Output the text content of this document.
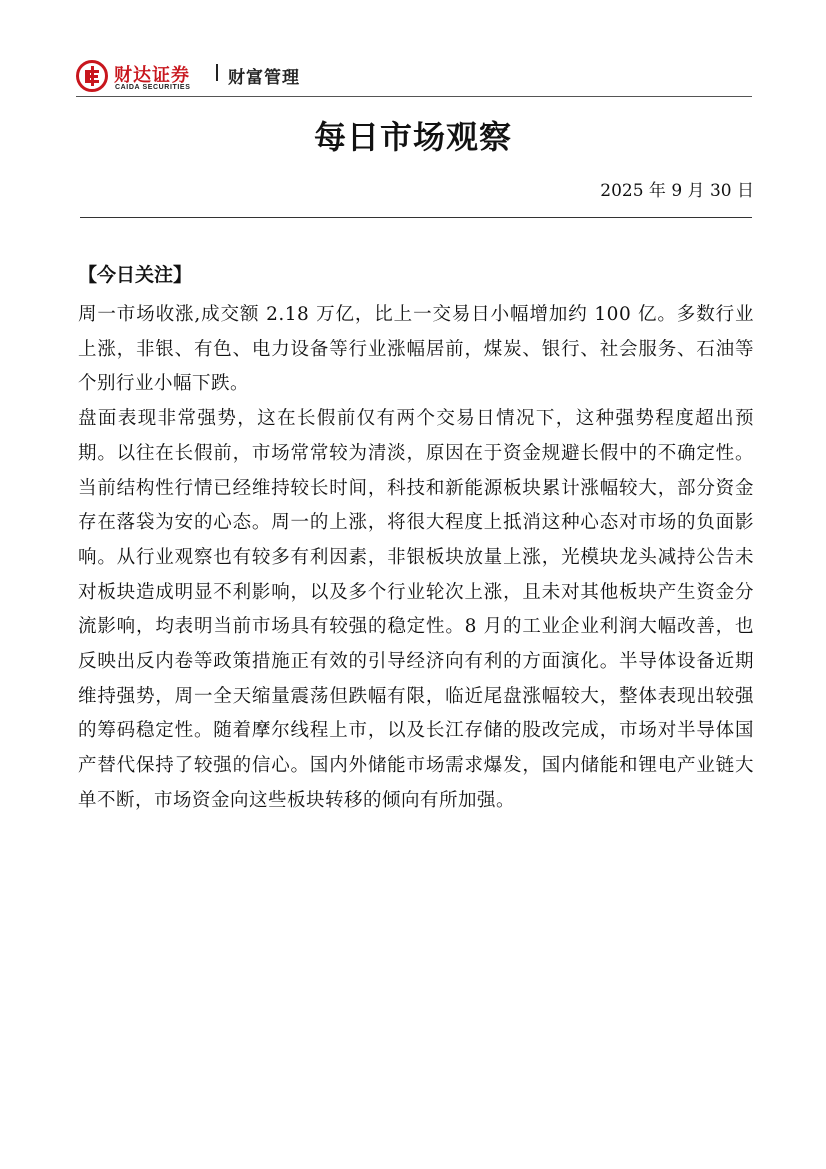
财达证券
CAIDA SECURITIES 财富管理
每日市场观察
2025 年 9 月 30 日
【今日关注】

周一市场收涨,成交额 2.18 万亿，比上一交易日小幅增加约 100 亿。多数行业上涨，非银、有色、电力设备等行业涨幅居前，煤炭、银行、社会服务、石油等个别行业小幅下跌。

盘面表现非常强势，这在长假前仅有两个交易日情况下，这种强势程度超出预期。以往在长假前，市场常常较为清淡，原因在于资金规避长假中的不确定性。当前结构性行情已经维持较长时间，科技和新能源板块累计涨幅较大，部分资金存在落袋为安的心态。周一的上涨，将很大程度上抵消这种心态对市场的负面影响。从行业观察也有较多有利因素，非银板块放量上涨，光模块龙头减持公告未对板块造成明显不利影响，以及多个行业轮次上涨，且未对其他板块产生资金分流影响，均表明当前市场具有较强的稳定性。8 月的工业企业利润大幅改善，也反映出反内卷等政策措施正有效的引导经济向有利的方面演化。半导体设备近期维持强势，周一全天缩量震荡但跌幅有限，临近尾盘涨幅较大，整体表现出较强的筹码稳定性。随着摩尔线程上市，以及长江存储的股改完成，市场对半导体国产替代保持了较强的信心。国内外储能市场需求爆发，国内储能和锂电产业链大单不断，市场资金向这些板块转移的倾向有所加强。
